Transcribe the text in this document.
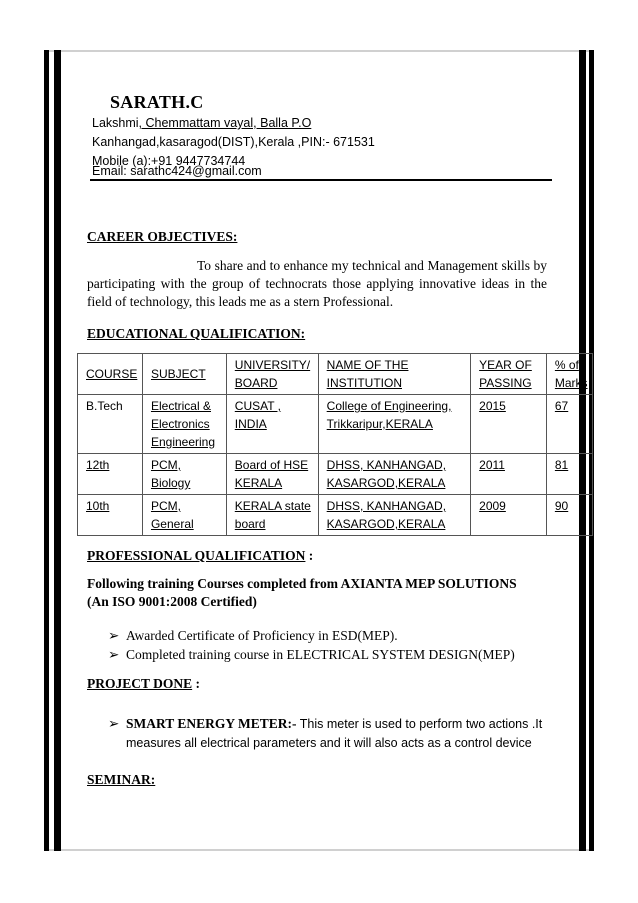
SARATH.C
Lakshmi, Chemmattam vayal, Balla P.O
Kanhangad,kasaragod(DIST),Kerala ,PIN:- 671531
Mobile (a):+91 9447734744
Email: sarathc424@gmail.com
CAREER OBJECTIVES:
To share and to enhance my technical and Management skills by participating with the group of technocrats those applying innovative ideas in the field of technology, this leads me as a stern Professional.
EDUCATIONAL QUALIFICATION:
COURSE	SUBJECT	UNIVERSITY/ BOARD	NAME OF THE INSTITUTION	YEAR OF PASSING	% of Marks
B.Tech	Electrical & Electronics Engineering	CUSAT , INDIA	College of Engineering, Trikkaripur,KERALA	2015	67
12th	PCM, Biology	Board of HSE KERALA	DHSS, KANHANGAD, KASARGOD,KERALA	2011	81
10th	PCM, General	KERALA state board	DHSS, KANHANGAD, KASARGOD,KERALA	2009	90
PROFESSIONAL QUALIFICATION :
Following training Courses completed from AXIANTA MEP SOLUTIONS
(An ISO 9001:2008 Certified)
➢ Awarded Certificate of Proficiency in ESD(MEP).
➢ Completed training course in ELECTRICAL SYSTEM DESIGN(MEP)
PROJECT DONE :
➢ SMART ENERGY METER:- This meter is used to perform two actions .It
measures all electrical parameters and it will also acts as a control device
SEMINAR:
